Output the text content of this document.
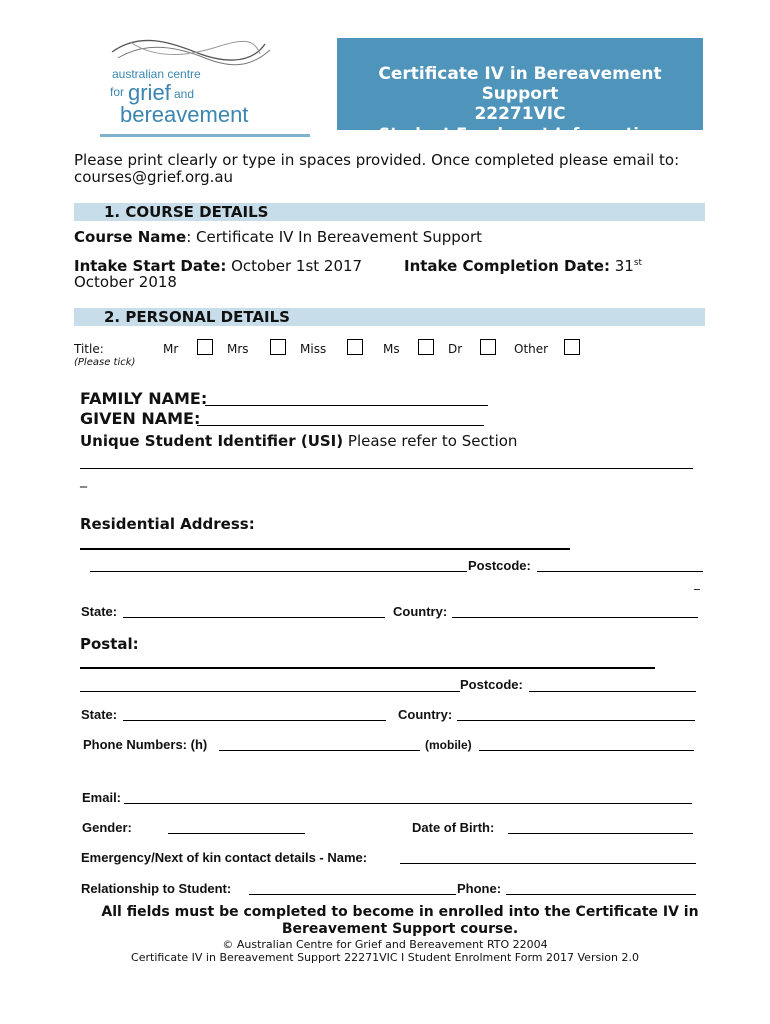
australian centre
for grief and
bereavement
Certificate IV in Bereavement
Support
22271VIC
Student Enrolment Information
Please print clearly or type in spaces provided. Once completed please email to: courses@grief.org.au
1. COURSE DETAILS
Course Name: Certificate IV In Bereavement Support
Intake Start Date: October 1st 2017	Intake Completion Date: 31st
October 2018
2. PERSONAL DETAILS
Title:
(Please tick)
Mr	Mrs	Miss	Ms	Dr	Other
FAMILY NAME:
GIVEN NAME:
Unique Student Identifier (USI) Please refer to Section
_
Residential Address:
Postcode:
_
State:	Country:
Postal:
Postcode:
State:	Country:
Phone Numbers: (h)	(mobile)
Email:
Gender:	Date of Birth:
Emergency/Next of kin contact details - Name:
Relationship to Student:	Phone:
All fields must be completed to become in enrolled into the Certificate IV in Bereavement Support course.
© Australian Centre for Grief and Bereavement RTO 22004
Certificate IV in Bereavement Support 22271VIC I Student Enrolment Form 2017 Version 2.0
